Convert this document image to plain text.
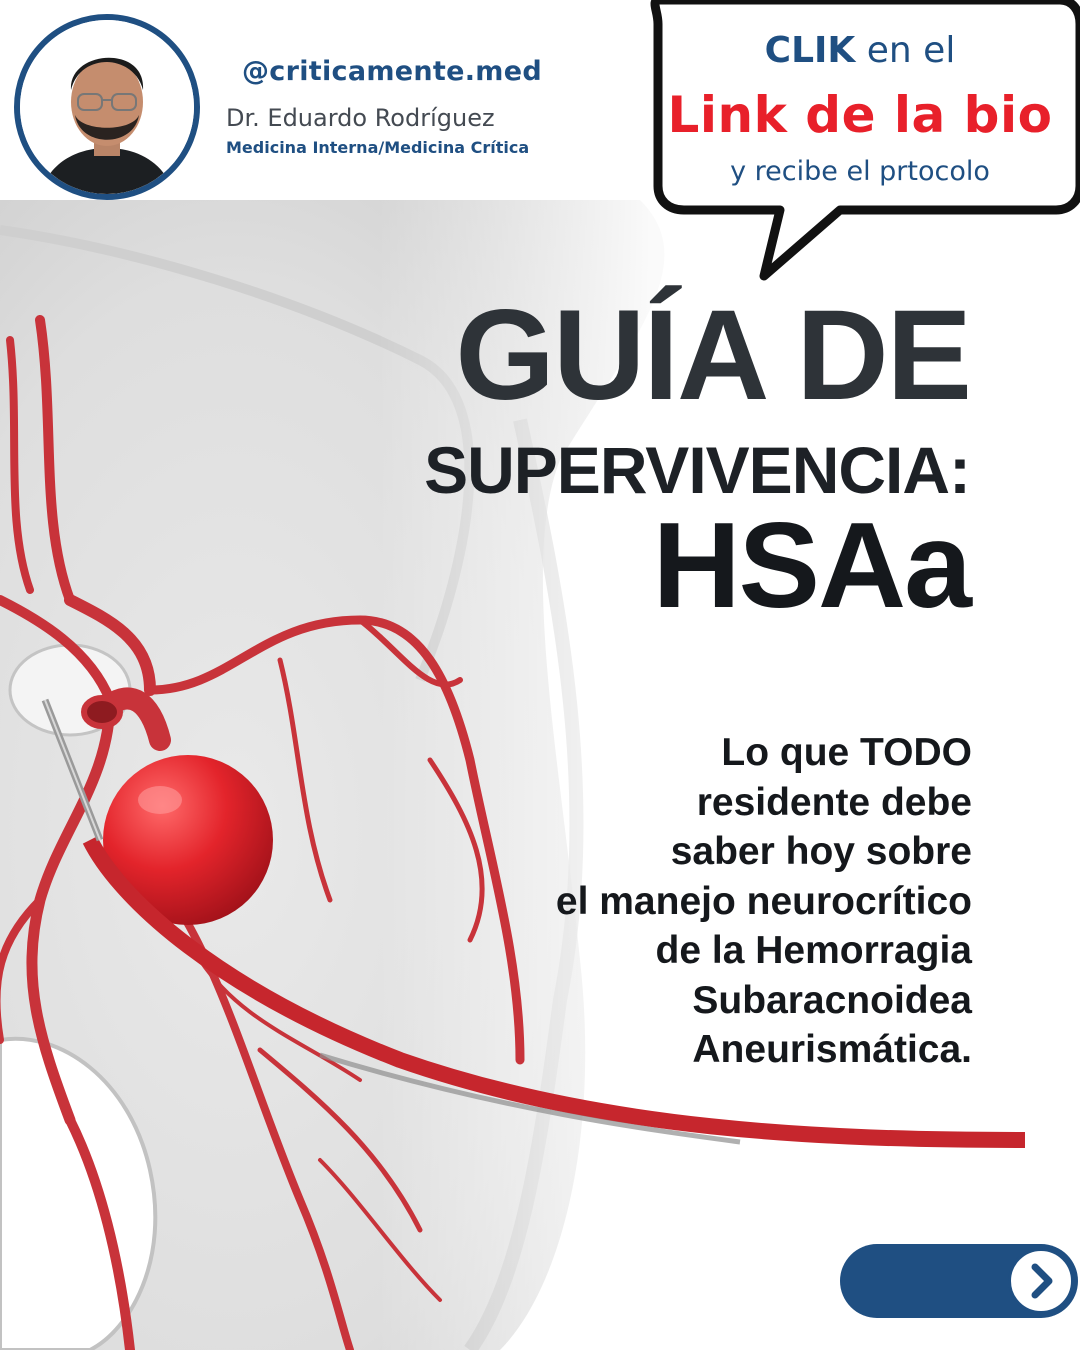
@criticamente.med
Dr. Eduardo Rodríguez
Medicina Interna/Medicina Crítica
CLIK en el
Link de la bio
y recibe el prtocolo
GUÍA DE
SUPERVIVENCIA:
HSAa
Lo que TODO
residente debe
saber hoy sobre
el manejo neurocrítico
de la Hemorragia
Subaracnoidea
Aneurismática.
